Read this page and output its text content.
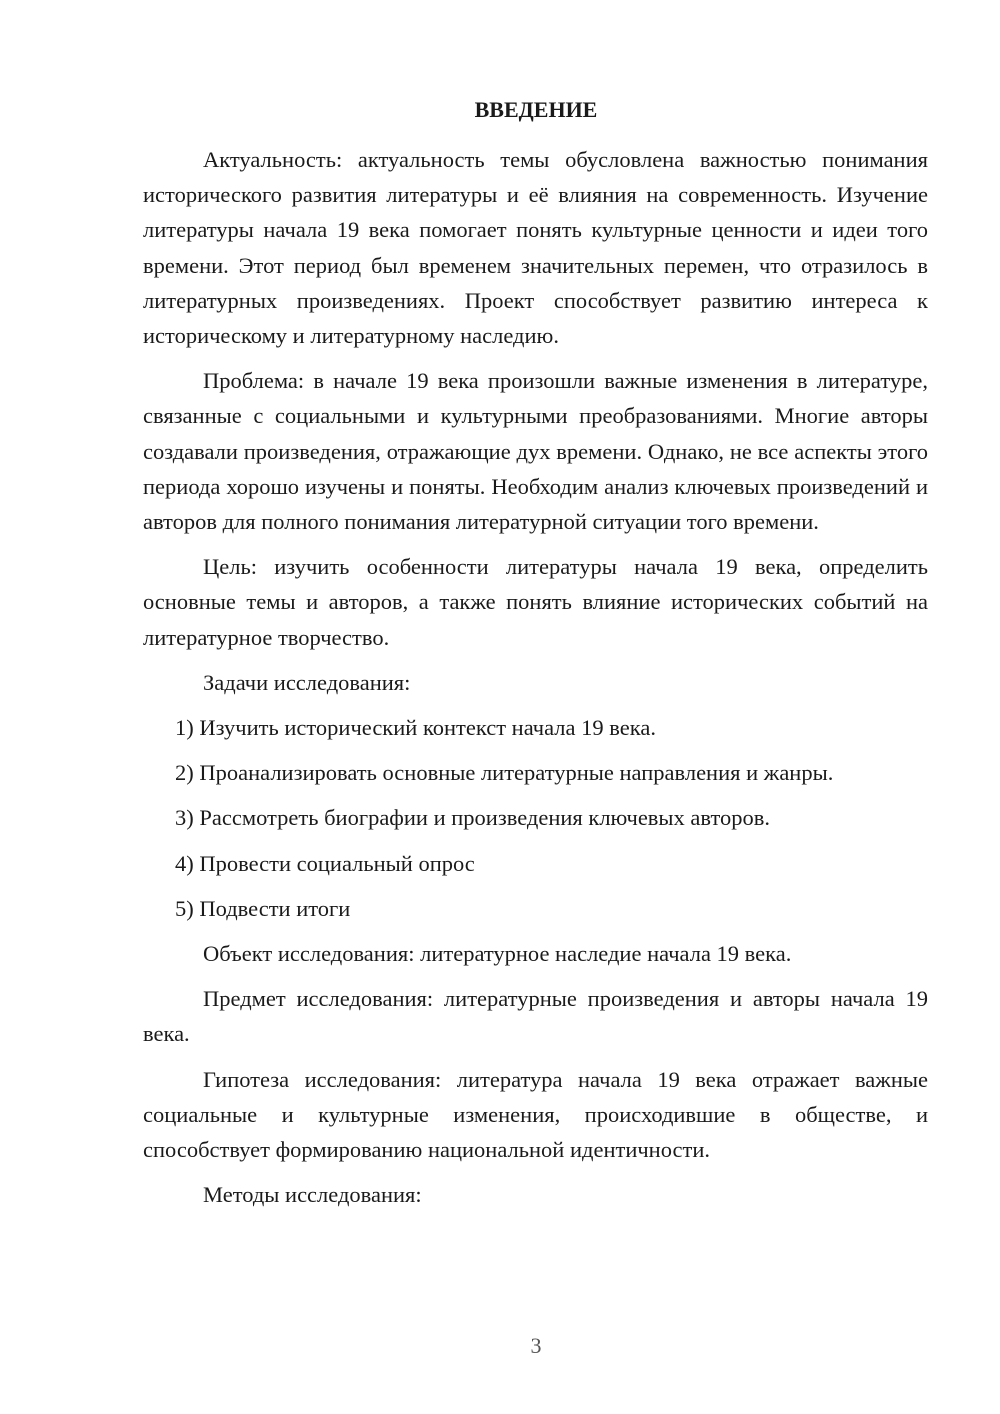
ВВЕДЕНИЕ

Актуальность: актуальность темы обусловлена важностью понимания исторического развития литературы и её влияния на современность. Изучение литературы начала 19 века помогает понять культурные ценности и идеи того времени. Этот период был временем значительных перемен, что отразилось в литературных произведениях. Проект способствует развитию интереса к историческому и литературному наследию.

Проблема: в начале 19 века произошли важные изменения в литературе, связанные с социальными и культурными преобразованиями. Многие авторы создавали произведения, отражающие дух времени. Однако, не все аспекты этого периода хорошо изучены и поняты. Необходим анализ ключевых произведений и авторов для полного понимания литературной ситуации того времени.

Цель: изучить особенности литературы начала 19 века, определить основные темы и авторов, а также понять влияние исторических событий на литературное творчество.

Задачи исследования:

1) Изучить исторический контекст начала 19 века.

2) Проанализировать основные литературные направления и жанры.

3) Рассмотреть биографии и произведения ключевых авторов.

4) Провести социальный опрос

5) Подвести итоги

Объект исследования: литературное наследие начала 19 века.

Предмет исследования: литературные произведения и авторы начала 19 века.

Гипотеза исследования: литература начала 19 века отражает важные социальные и культурные изменения, происходившие в обществе, и способствует формированию национальной идентичности.

Методы исследования:

3
